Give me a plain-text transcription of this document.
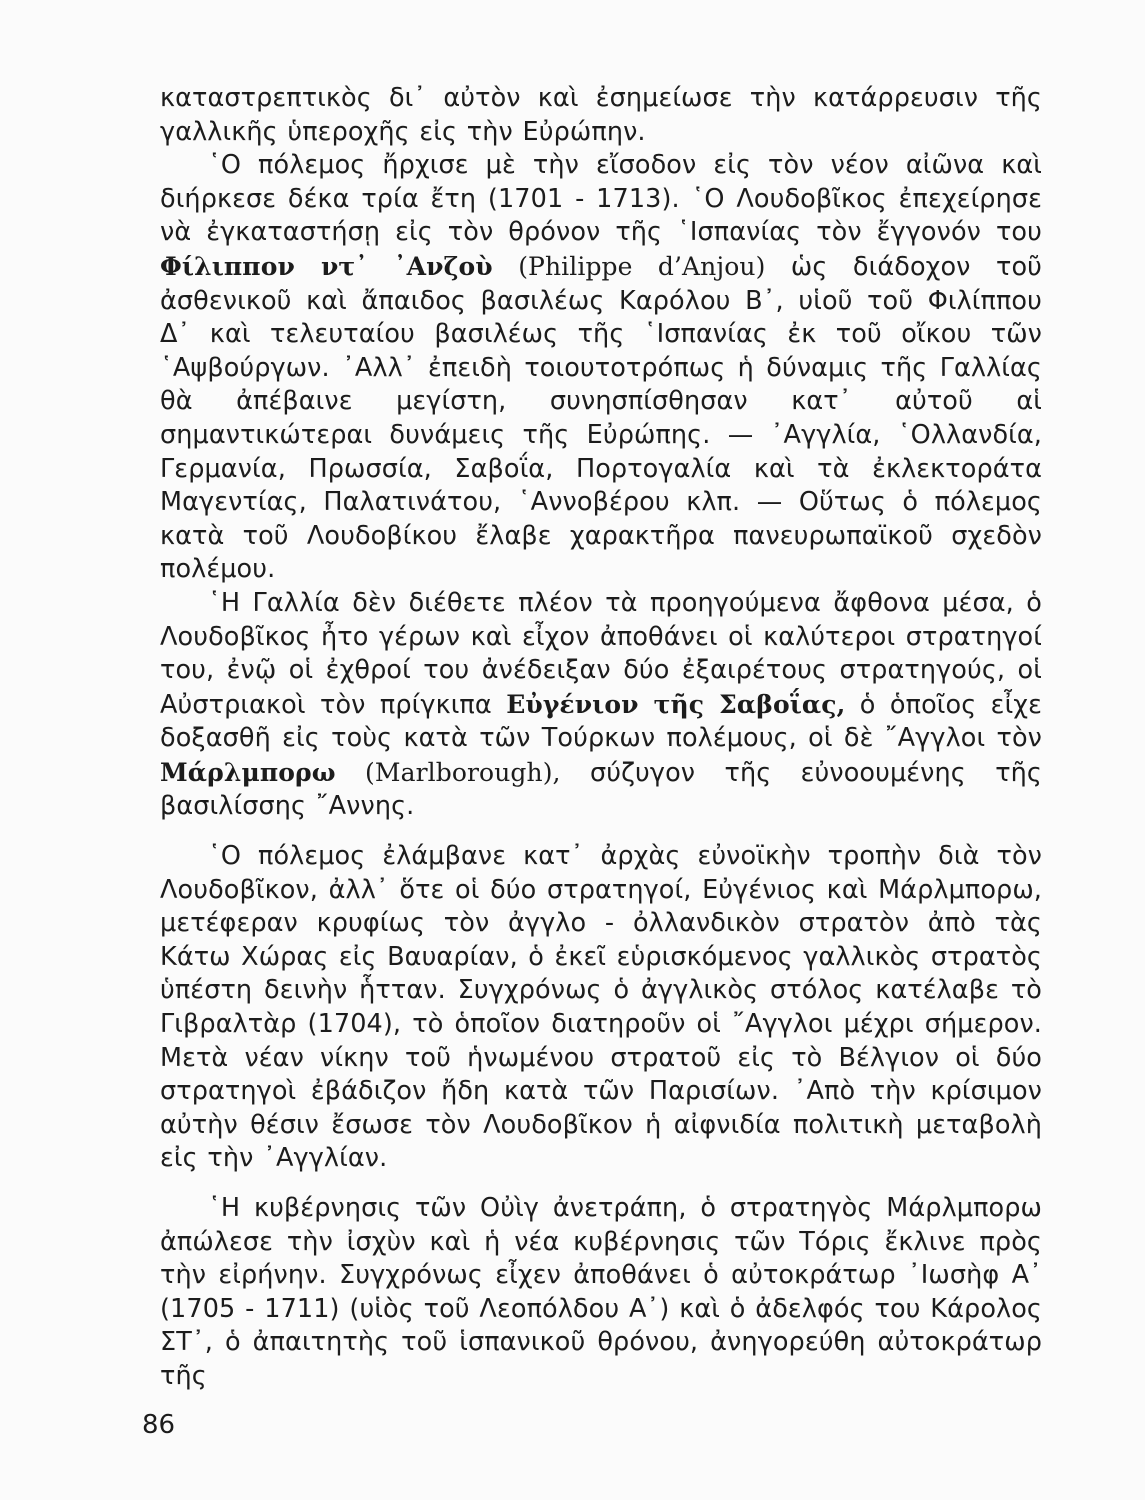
καταστρεπτικὸς δι᾽ αὐτὸν καὶ ἐσημείωσε τὴν κατάρρευσιν τῆς γαλλικῆς ὑπεροχῆς εἰς τὴν Εὐρώπην.

῾Ο πόλεμος ἤρχισε μὲ τὴν εἴσοδον εἰς τὸν νέον αἰῶνα καὶ διήρκεσε δέκα τρία ἔτη (1701 - 1713). ῾Ο Λουδοβῖκος ἐπεχείρησε νὰ ἐγκαταστήσῃ εἰς τὸν θρόνον τῆς ῾Ισπανίας τὸν ἔγγονόν του Φίλιππον ντ᾽ ᾿Ανζοὺ (Philippe d’Anjou) ὡς διάδοχον τοῦ ἀσθενικοῦ καὶ ἄπαιδος βασιλέως Καρόλου Β᾽, υἱοῦ τοῦ Φιλίππου Δ᾽ καὶ τελευταίου βασιλέως τῆς ῾Ισπανίας ἐκ τοῦ οἴκου τῶν ῾Αψβούργων. ᾿Αλλ᾽ ἐπειδὴ τοιουτοτρόπως ἡ δύναμις τῆς Γαλλίας θὰ ἀπέβαινε μεγίστη, συνησπίσθησαν κατ᾽ αὐτοῦ αἱ σημαντικώτεραι δυνάμεις τῆς Εὐρώπης. — ᾿Αγγλία, ῾Ολλανδία, Γερμανία, Πρωσσία, Σαβοΐα, Πορτογαλία καὶ τὰ ἐκλεκτοράτα Μαγεντίας, Παλατινάτου, ῾Αννοβέρου κλπ. — Οὕτως ὁ πόλεμος κατὰ τοῦ Λουδοβίκου ἔλαβε χαρακτῆρα πανευρωπαϊκοῦ σχεδὸν πολέμου.

῾Η Γαλλία δὲν διέθετε πλέον τὰ προηγούμενα ἄφθονα μέσα, ὁ Λουδοβῖκος ἦτο γέρων καὶ εἶχον ἀποθάνει οἱ καλύτεροι στρατηγοί του, ἐνῷ οἱ ἐχθροί του ἀνέδειξαν δύο ἐξαιρέτους στρατηγούς, οἱ Αὐστριακοὶ τὸν πρίγκιπα Εὐγένιον τῆς Σαβοΐας, ὁ ὁποῖος εἶχε δοξασθῆ εἰς τοὺς κατὰ τῶν Τούρκων πολέμους, οἱ δὲ ῎Αγγλοι τὸν Μάρλμπορω (Marlborough), σύζυγον τῆς εὐνοουμένης τῆς βασιλίσσης ῎Αννης.

῾Ο πόλεμος ἐλάμβανε κατ᾽ ἀρχὰς εὐνοϊκὴν τροπὴν διὰ τὸν Λουδοβῖκον, ἀλλ᾽ ὅτε οἱ δύο στρατηγοί, Εὐγένιος καὶ Μάρλμπορω, μετέφεραν κρυφίως τὸν ἀγγλο - ὀλλανδικὸν στρατὸν ἀπὸ τὰς Κάτω Χώρας εἰς Βαυαρίαν, ὁ ἐκεῖ εὑρισκόμενος γαλλικὸς στρατὸς ὑπέστη δεινὴν ἧτταν. Συγχρόνως ὁ ἀγγλικὸς στόλος κατέλαβε τὸ Γιβραλτὰρ (1704), τὸ ὁποῖον διατηροῦν οἱ ῎Αγγλοι μέχρι σήμερον. Μετὰ νέαν νίκην τοῦ ἡνωμένου στρατοῦ εἰς τὸ Βέλγιον οἱ δύο στρατηγοὶ ἐβάδιζον ἤδη κατὰ τῶν Παρισίων. ᾿Απὸ τὴν κρίσιμον αὐτὴν θέσιν ἔσωσε τὸν Λουδοβῖκον ἡ αἰφνιδία πολιτικὴ μεταβολὴ εἰς τὴν ᾿Αγγλίαν.

῾Η κυβέρνησις τῶν Οὐὶγ ἀνετράπη, ὁ στρατηγὸς Μάρλμπορω ἀπώλεσε τὴν ἰσχὺν καὶ ἡ νέα κυβέρνησις τῶν Τόρις ἔκλινε πρὸς τὴν εἰρήνην. Συγχρόνως εἶχεν ἀποθάνει ὁ αὐτοκράτωρ ᾿Ιωσὴφ Α᾽ (1705 - 1711) (υἱὸς τοῦ Λεοπόλδου Α᾽) καὶ ὁ ἀδελφός του Κάρολος ΣΤ᾽, ὁ ἀπαιτητὴς τοῦ ἱσπανικοῦ θρόνου, ἀνηγορεύθη αὐτοκράτωρ τῆς

86
